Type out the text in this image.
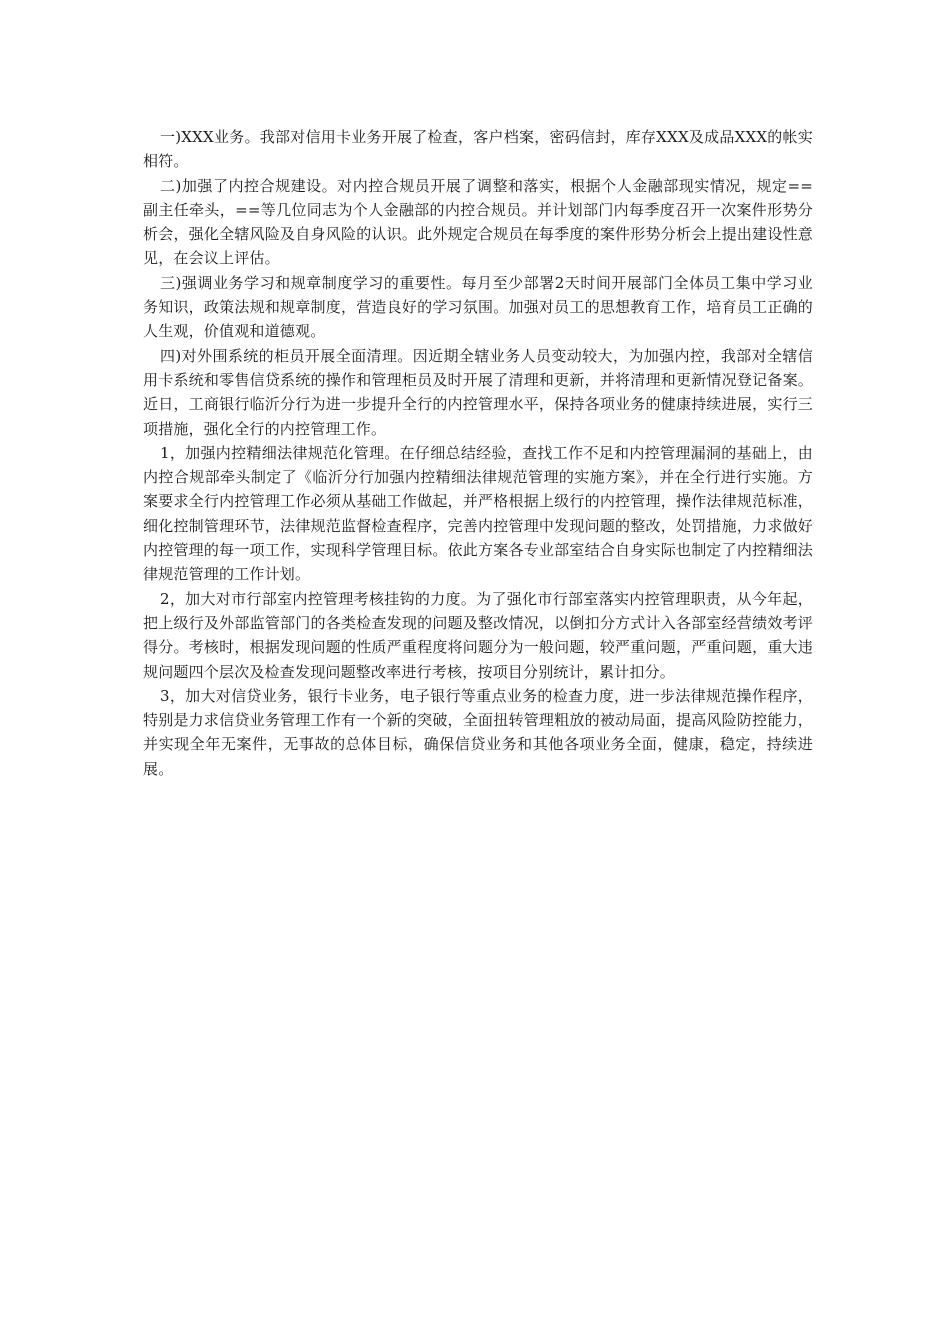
一)XXX业务。我部对信用卡业务开展了检查，客户档案，密码信封，库存XXX及成品XXX的帐实相符。

二)加强了内控合规建设。对内控合规员开展了调整和落实，根据个人金融部现实情况，规定==副主任牵头，==等几位同志为个人金融部的内控合规员。并计划部门内每季度召开一次案件形势分析会，强化全辖风险及自身风险的认识。此外规定合规员在每季度的案件形势分析会上提出建设性意见，在会议上评估。

三)强调业务学习和规章制度学习的重要性。每月至少部署2天时间开展部门全体员工集中学习业务知识，政策法规和规章制度，营造良好的学习氛围。加强对员工的思想教育工作，培育员工正确的人生观，价值观和道德观。

四)对外围系统的柜员开展全面清理。因近期全辖业务人员变动较大，为加强内控，我部对全辖信用卡系统和零售信贷系统的操作和管理柜员及时开展了清理和更新，并将清理和更新情况登记备案。近日，工商银行临沂分行为进一步提升全行的内控管理水平，保持各项业务的健康持续进展，实行三项措施，强化全行的内控管理工作。

1，加强内控精细法律规范化管理。在仔细总结经验，查找工作不足和内控管理漏洞的基础上，由内控合规部牵头制定了《临沂分行加强内控精细法律规范管理的实施方案》，并在全行进行实施。方案要求全行内控管理工作必须从基础工作做起，并严格根据上级行的内控管理，操作法律规范标准，细化控制管理环节，法律规范监督检查程序，完善内控管理中发现问题的整改，处罚措施，力求做好内控管理的每一项工作，实现科学管理目标。依此方案各专业部室结合自身实际也制定了内控精细法律规范管理的工作计划。

2，加大对市行部室内控管理考核挂钩的力度。为了强化市行部室落实内控管理职责，从今年起，把上级行及外部监管部门的各类检查发现的问题及整改情况，以倒扣分方式计入各部室经营绩效考评得分。考核时，根据发现问题的性质严重程度将问题分为一般问题，较严重问题，严重问题，重大违规问题四个层次及检查发现问题整改率进行考核，按项目分别统计，累计扣分。

3，加大对信贷业务，银行卡业务，电子银行等重点业务的检查力度，进一步法律规范操作程序，特别是力求信贷业务管理工作有一个新的突破，全面扭转管理粗放的被动局面，提高风险防控能力，并实现全年无案件，无事故的总体目标，确保信贷业务和其他各项业务全面，健康，稳定，持续进展。
